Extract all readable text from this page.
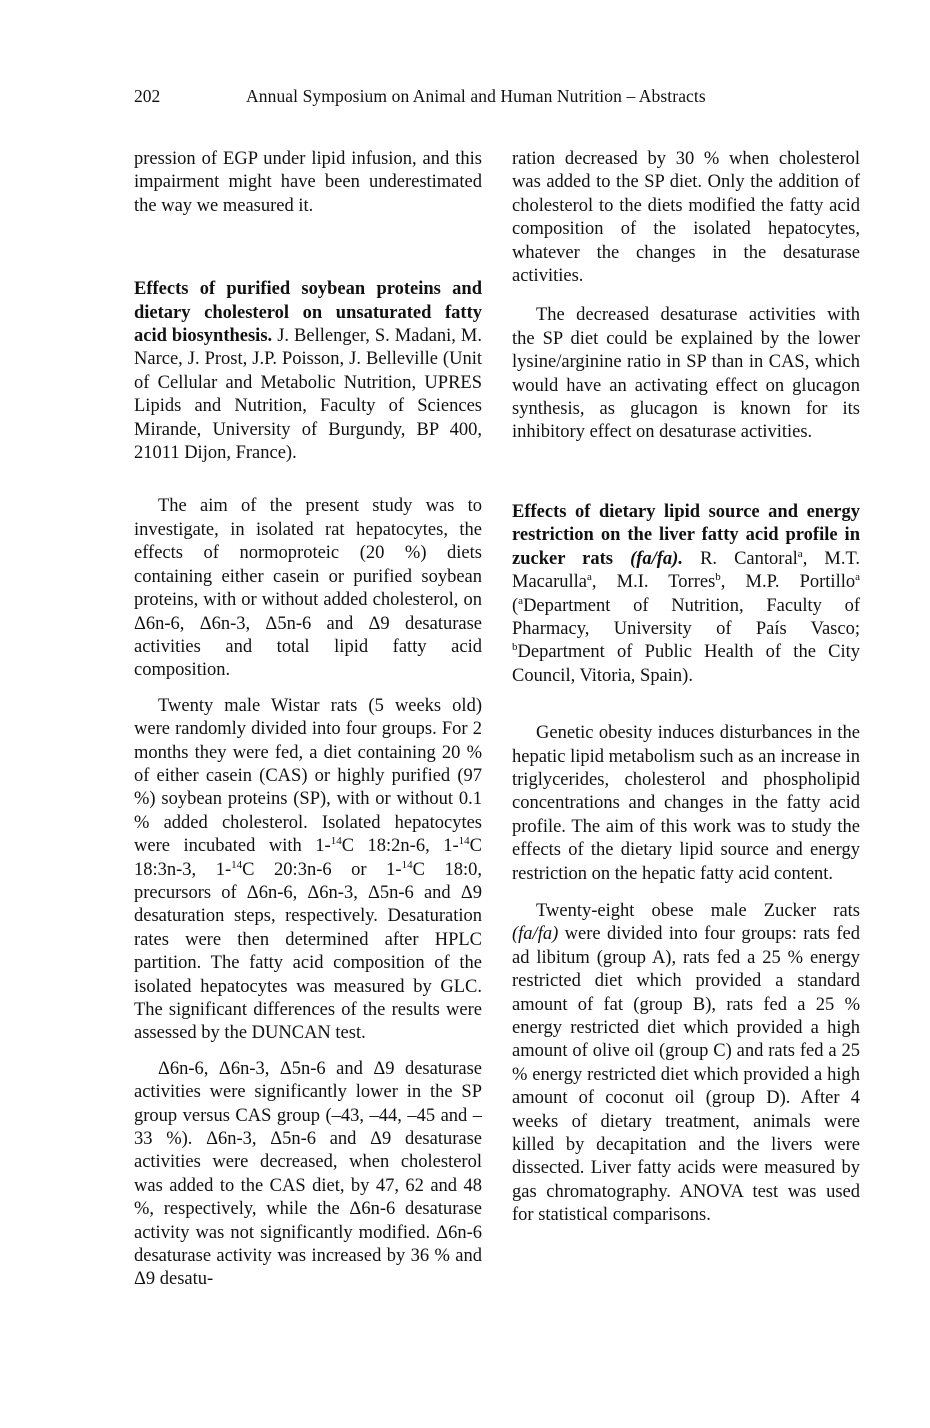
202	Annual Symposium on Animal and Human Nutrition – Abstracts

pression of EGP under lipid infusion, and this impairment might have been underestimated the way we measured it.

Effects of purified soybean proteins and dietary cholesterol on unsaturated fatty acid biosynthesis. J. Bellenger, S. Madani, M. Narce, J. Prost, J.P. Poisson, J. Belleville (Unit of Cellular and Metabolic Nutrition, UPRES Lipids and Nutrition, Faculty of Sciences Mirande, University of Burgundy, BP 400, 21011 Dijon, France).

The aim of the present study was to investigate, in isolated rat hepatocytes, the effects of normoproteic (20 %) diets containing either casein or purified soybean proteins, with or without added cholesterol, on Δ6n-6, Δ6n-3, Δ5n-6 and Δ9 desaturase activities and total lipid fatty acid composition.

Twenty male Wistar rats (5 weeks old) were randomly divided into four groups. For 2 months they were fed, a diet containing 20 % of either casein (CAS) or highly purified (97 %) soybean proteins (SP), with or without 0.1 % added cholesterol. Isolated hepatocytes were incubated with 1-$^{14}$C 18:2n-6, 1-$^{14}$C 18:3n-3, 1-$^{14}$C 20:3n-6 or 1-$^{14}$C 18:0, precursors of Δ6n-6, Δ6n-3, Δ5n-6 and Δ9 desaturation steps, respectively. Desaturation rates were then determined after HPLC partition. The fatty acid composition of the isolated hepatocytes was measured by GLC. The significant differences of the results were assessed by the DUNCAN test.

Δ6n-6, Δ6n-3, Δ5n-6 and Δ9 desaturase activities were significantly lower in the SP group versus CAS group (–43, –44, –45 and –33 %). Δ6n-3, Δ5n-6 and Δ9 desaturase activities were decreased, when cholesterol was added to the CAS diet, by 47, 62 and 48 %, respectively, while the Δ6n-6 desaturase activity was not significantly modified. Δ6n-6 desaturase activity was increased by 36 % and Δ9 desatu-

ration decreased by 30 % when cholesterol was added to the SP diet. Only the addition of cholesterol to the diets modified the fatty acid composition of the isolated hepatocytes, whatever the changes in the desaturase activities.

The decreased desaturase activities with the SP diet could be explained by the lower lysine/arginine ratio in SP than in CAS, which would have an activating effect on glucagon synthesis, as glucagon is known for its inhibitory effect on desaturase activities.

Effects of dietary lipid source and energy restriction on the liver fatty acid profile in zucker rats (fa/fa). R. Cantoral$^a$, M.T. Macarulla$^a$, M.I. Torres$^b$, M.P. Portillo$^a$ ($^a$Department of Nutrition, Faculty of Pharmacy, University of País Vasco; $^b$Department of Public Health of the City Council, Vitoria, Spain).

Genetic obesity induces disturbances in the hepatic lipid metabolism such as an increase in triglycerides, cholesterol and phospholipid concentrations and changes in the fatty acid profile. The aim of this work was to study the effects of the dietary lipid source and energy restriction on the hepatic fatty acid content.

Twenty-eight obese male Zucker rats (fa/fa) were divided into four groups: rats fed ad libitum (group A), rats fed a 25 % energy restricted diet which provided a standard amount of fat (group B), rats fed a 25 % energy restricted diet which provided a high amount of olive oil (group C) and rats fed a 25 % energy restricted diet which provided a high amount of coconut oil (group D). After 4 weeks of dietary treatment, animals were killed by decapitation and the livers were dissected. Liver fatty acids were measured by gas chromatography. ANOVA test was used for statistical comparisons.
